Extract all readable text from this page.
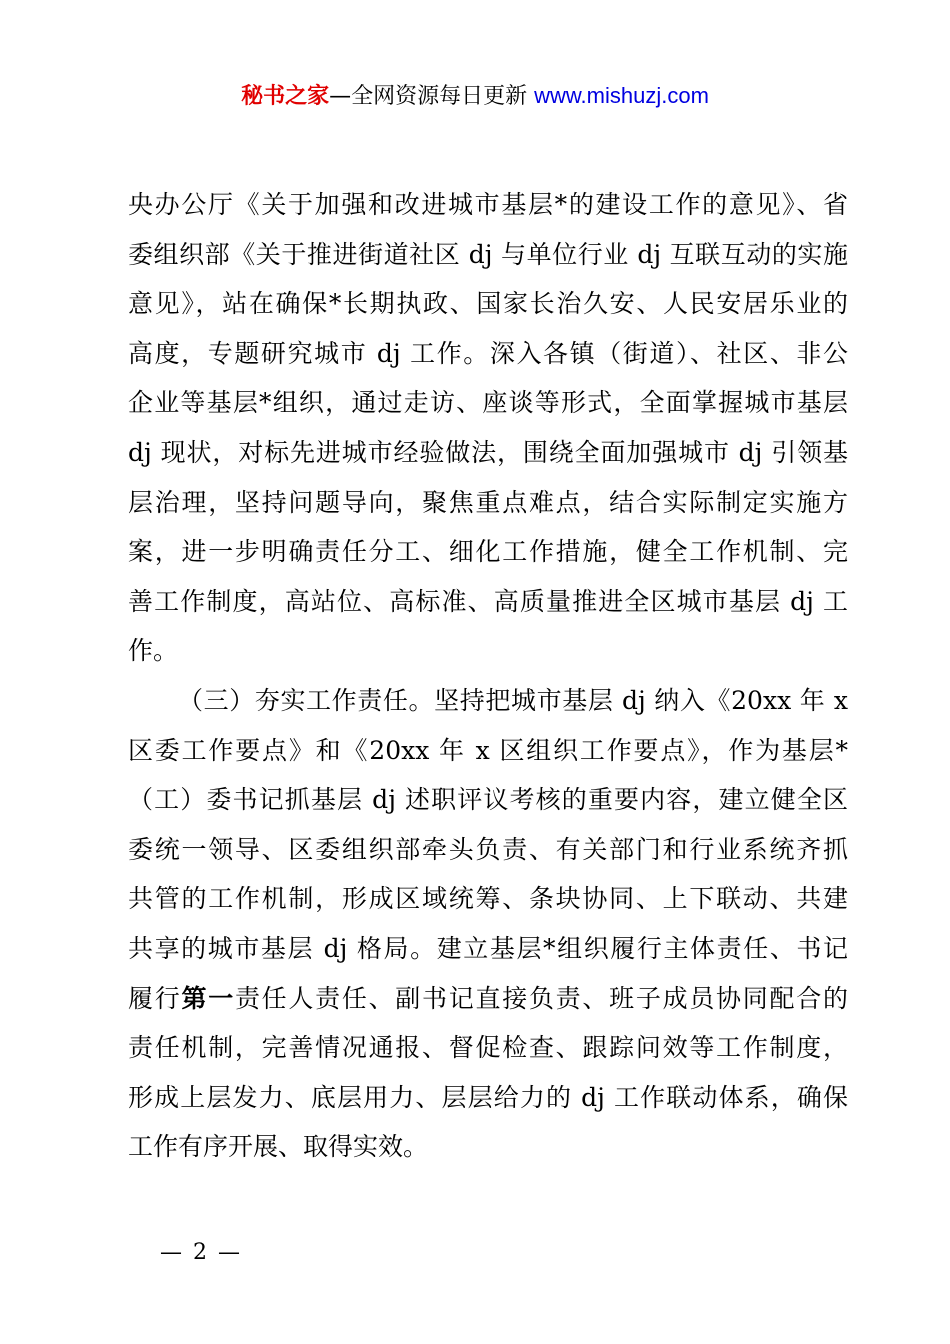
秘书之家—全网资源每日更新 www.mishuzj.com
央办公厅《关于加强和改进城市基层*的建设工作的意见》、省
委组织部《关于推进街道社区 dj 与单位行业 dj 互联互动的实施
意见》，站在确保*长期执政、国家长治久安、人民安居乐业的
高度，专题研究城市 dj 工作。深入各镇（街道）、社区、非公
企业等基层*组织，通过走访、座谈等形式，全面掌握城市基层
dj 现状，对标先进城市经验做法，围绕全面加强城市 dj 引领基
层治理，坚持问题导向，聚焦重点难点，结合实际制定实施方
案，进一步明确责任分工、细化工作措施，健全工作机制、完
善工作制度，高站位、高标准、高质量推进全区城市基层 dj 工
作。
（三）夯实工作责任。坚持把城市基层 dj 纳入《20xx 年 x
区委工作要点》和《20xx 年 x 区组织工作要点》，作为基层*
（工）委书记抓基层 dj 述职评议考核的重要内容，建立健全区
委统一领导、区委组织部牵头负责、有关部门和行业系统齐抓
共管的工作机制，形成区域统筹、条块协同、上下联动、共建
共享的城市基层 dj 格局。建立基层*组织履行主体责任、书记
履行第一责任人责任、副书记直接负责、班子成员协同配合的
责任机制，完善情况通报、督促检查、跟踪问效等工作制度，
形成上层发力、底层用力、层层给力的 dj 工作联动体系，确保
工作有序开展、取得实效。
— 2 —
